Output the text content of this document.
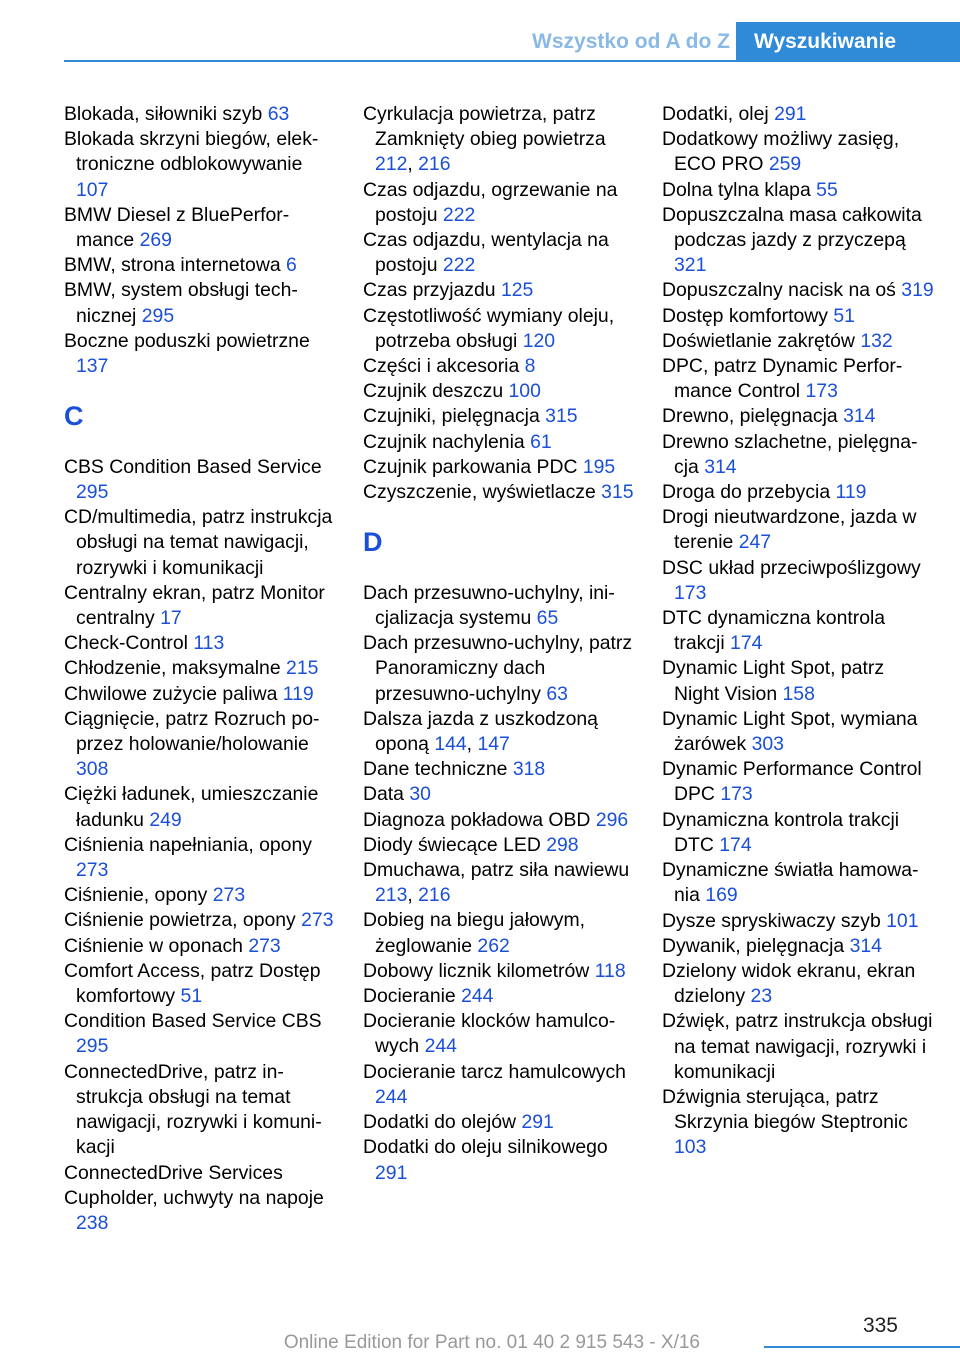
Wszystko od A do Z	Wyszukiwanie
Blokada, siłowniki szyb 63
Blokada skrzyni biegów, elektroniczne odblokowywanie 107
BMW Diesel z BluePerformance 269
BMW, strona internetowa 6
BMW, system obsługi technicznej 295
Boczne poduszki powietrzne 137
C
CBS Condition Based Service 295
CD/multimedia, patrz instrukcja obsługi na temat nawigacji, rozrywki i komunikacji
Centralny ekran, patrz Monitor centralny 17
Check-Control 113
Chłodzenie, maksymalne 215
Chwilowe zużycie paliwa 119
Ciągnięcie, patrz Rozruch poprzez holowanie/holowanie 308
Ciężki ładunek, umieszczanie ładunku 249
Ciśnienia napełniania, opony 273
Ciśnienie, opony 273
Ciśnienie powietrza, opony 273
Ciśnienie w oponach 273
Comfort Access, patrz Dostęp komfortowy 51
Condition Based Service CBS 295
ConnectedDrive, patrz instrukcja obsługi na temat nawigacji, rozrywki i komunikacji
ConnectedDrive Services
Cupholder, uchwyty na napoje 238
Cyrkulacja powietrza, patrz Zamknięty obieg powietrza 212, 216
Czas odjazdu, ogrzewanie na postoju 222
Czas odjazdu, wentylacja na postoju 222
Czas przyjazdu 125
Częstotliwość wymiany oleju, potrzeba obsługi 120
Części i akcesoria 8
Czujnik deszczu 100
Czujniki, pielęgnacja 315
Czujnik nachylenia 61
Czujnik parkowania PDC 195
Czyszczenie, wyświetlacze 315
D
Dach przesuwno-uchylny, inicjalizacja systemu 65
Dach przesuwno-uchylny, patrz Panoramiczny dach przesuwno-uchylny 63
Dalsza jazda z uszkodzoną oponą 144, 147
Dane techniczne 318
Data 30
Diagnoza pokładowa OBD 296
Diody świecące LED 298
Dmuchawa, patrz siła nawiewu 213, 216
Dobieg na biegu jałowym, żeglowanie 262
Dobowy licznik kilometrów 118
Docieranie 244
Docieranie klocków hamulcowych 244
Docieranie tarcz hamulcowych 244
Dodatki do olejów 291
Dodatki do oleju silnikowego 291
Dodatki, olej 291
Dodatkowy możliwy zasięg, ECO PRO 259
Dolna tylna klapa 55
Dopuszczalna masa całkowita podczas jazdy z przyczepą 321
Dopuszczalny nacisk na oś 319
Dostęp komfortowy 51
Doświetlanie zakrętów 132
DPC, patrz Dynamic Performance Control 173
Drewno, pielęgnacja 314
Drewno szlachetne, pielęgnacja 314
Droga do przebycia 119
Drogi nieutwardzone, jazda w terenie 247
DSC układ przeciwpoślizgowy 173
DTC dynamiczna kontrola trakcji 174
Dynamic Light Spot, patrz Night Vision 158
Dynamic Light Spot, wymiana żarówek 303
Dynamic Performance Control DPC 173
Dynamiczna kontrola trakcji DTC 174
Dynamiczne światła hamowania 169
Dysze spryskiwaczy szyb 101
Dywanik, pielęgnacja 314
Dzielony widok ekranu, ekran dzielony 23
Dźwięk, patrz instrukcja obsługi na temat nawigacji, rozrywki i komunikacji
Dźwignia sterująca, patrz Skrzynia biegów Steptronic 103
335
Online Edition for Part no. 01 40 2 915 543 - X/16
